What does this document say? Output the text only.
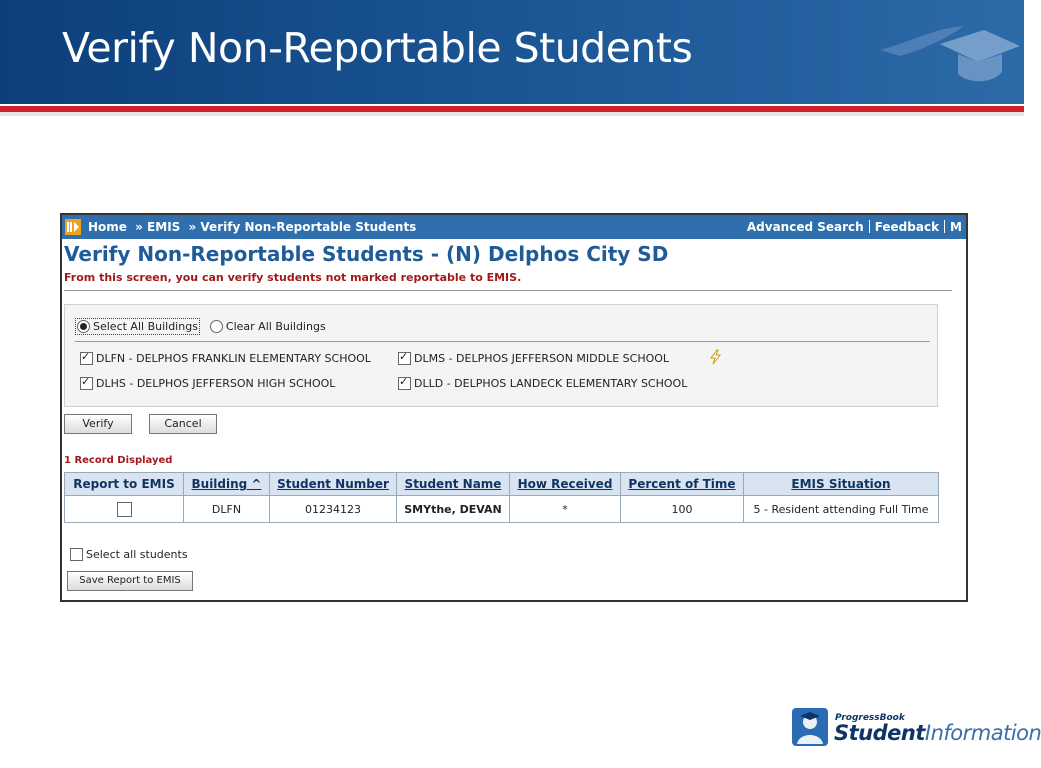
Verify Non-Reportable Students
Home » EMIS » Verify Non-Reportable Students	Advanced Search Feedback M
Verify Non-Reportable Students - (N) Delphos City SD
From this screen, you can verify students not marked reportable to EMIS.
Select All Buildings	Clear All Buildings
✓
DLFN - DELPHOS FRANKLIN ELEMENTARY SCHOOL ✓	DLMS - DELPHOS JEFFERSON MIDDLE SCHOOL
✓
DLHS - DELPHOS JEFFERSON HIGH SCHOOL ✓	DLLD - DELPHOS LANDECK ELEMENTARY SCHOOL
Verify	Cancel
1 Record Displayed
Report to EMIS	Building ^	Student Number	Student Name	How Received	Percent of Time	EMIS Situation
	DLFN	01234123	SMYthe, DEVAN	*	100	5 - Resident attending Full Time
Select all students
Save Report to EMIS
ProgressBook
StudentInformation
